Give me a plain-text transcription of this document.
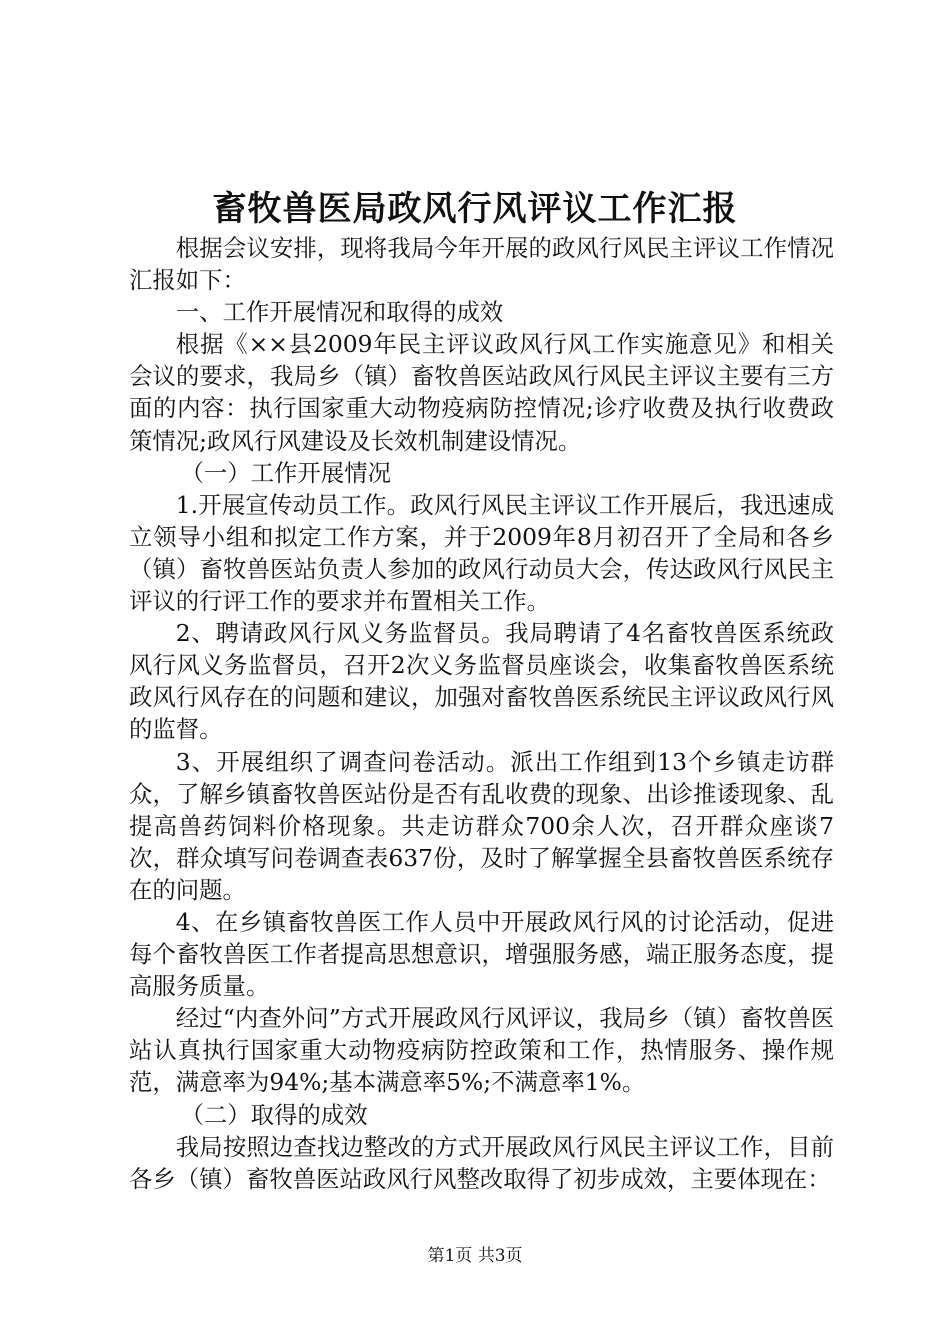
畜牧兽医局政风行风评议工作汇报

根据会议安排，现将我局今年开展的政风行风民主评议工作情况汇报如下：

一、工作开展情况和取得的成效

根据《××县2009年民主评议政风行风工作实施意见》和相关会议的要求，我局乡（镇）畜牧兽医站政风行风民主评议主要有三方面的内容：执行国家重大动物疫病防控情况;诊疗收费及执行收费政策情况;政风行风建设及长效机制建设情况。

（一）工作开展情况

1.开展宣传动员工作。政风行风民主评议工作开展后，我迅速成立领导小组和拟定工作方案，并于2009年8月初召开了全局和各乡（镇）畜牧兽医站负责人参加的政风行动员大会，传达政风行风民主评议的行评工作的要求并布置相关工作。

2、聘请政风行风义务监督员。我局聘请了4名畜牧兽医系统政风行风义务监督员，召开2次义务监督员座谈会，收集畜牧兽医系统政风行风存在的问题和建议，加强对畜牧兽医系统民主评议政风行风的监督。

3、开展组织了调查问卷活动。派出工作组到13个乡镇走访群众，了解乡镇畜牧兽医站份是否有乱收费的现象、出诊推诿现象、乱提高兽药饲料价格现象。共走访群众700余人次，召开群众座谈7次，群众填写问卷调查表637份，及时了解掌握全县畜牧兽医系统存在的问题。

4、在乡镇畜牧兽医工作人员中开展政风行风的讨论活动，促进每个畜牧兽医工作者提高思想意识，增强服务感，端正服务态度，提高服务质量。

经过“内查外问”方式开展政风行风评议，我局乡（镇）畜牧兽医站认真执行国家重大动物疫病防控政策和工作，热情服务、操作规范，满意率为94%;基本满意率5%;不满意率1%。

（二）取得的成效

我局按照边查找边整改的方式开展政风行风民主评议工作，目前各乡（镇）畜牧兽医站政风行风整改取得了初步成效，主要体现在：

第1页 共3页
